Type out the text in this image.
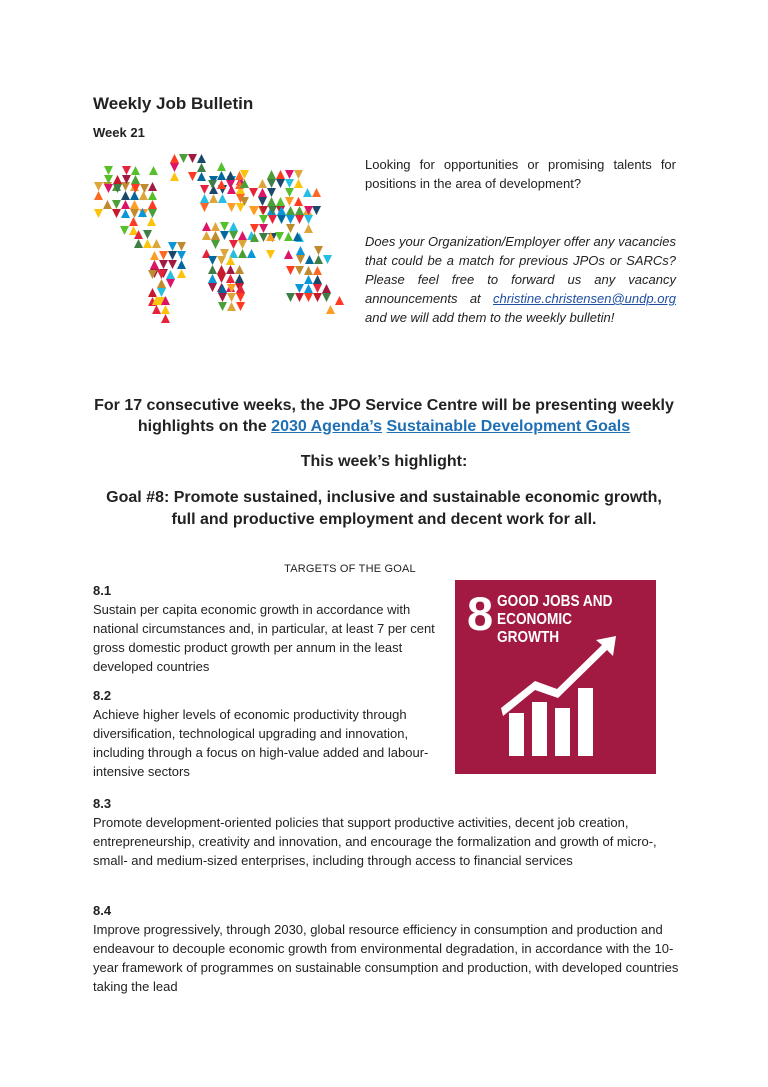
Weekly Job Bulletin
Week 21

Looking for opportunities or promising talents for positions in the area of development?

Does your Organization/Employer offer any vacancies that could be a match for previous JPOs or SARCs? Please feel free to forward us any vacancy announcements at christine.christensen@undp.org and we will add them to the weekly bulletin!

For 17 consecutive weeks, the JPO Service Centre will be presenting weekly highlights on the 2030 Agenda’s Sustainable Development Goals
This week’s highlight:
Goal #8: Promote sustained, inclusive and sustainable economic growth, full and productive employment and decent work for all.
TARGETS OF THE GOAL
8.1
Sustain per capita economic growth in accordance with national circumstances and, in particular, at least 7 per cent gross domestic product growth per annum in the least developed countries
8.2
Achieve higher levels of economic productivity through diversification, technological upgrading and innovation, including through a focus on high-value added and labour-intensive sectors
8.3
Promote development-oriented policies that support productive activities, decent job creation, entrepreneurship, creativity and innovation, and encourage the formalization and growth of micro-, small- and medium-sized enterprises, including through access to financial services
8.4
Improve progressively, through 2030, global resource efficiency in consumption and production and endeavour to decouple economic growth from environmental degradation, in accordance with the 10-year framework of programmes on sustainable consumption and production, with developed countries taking the lead
8 GOOD JOBS AND
ECONOMIC GROWTH
